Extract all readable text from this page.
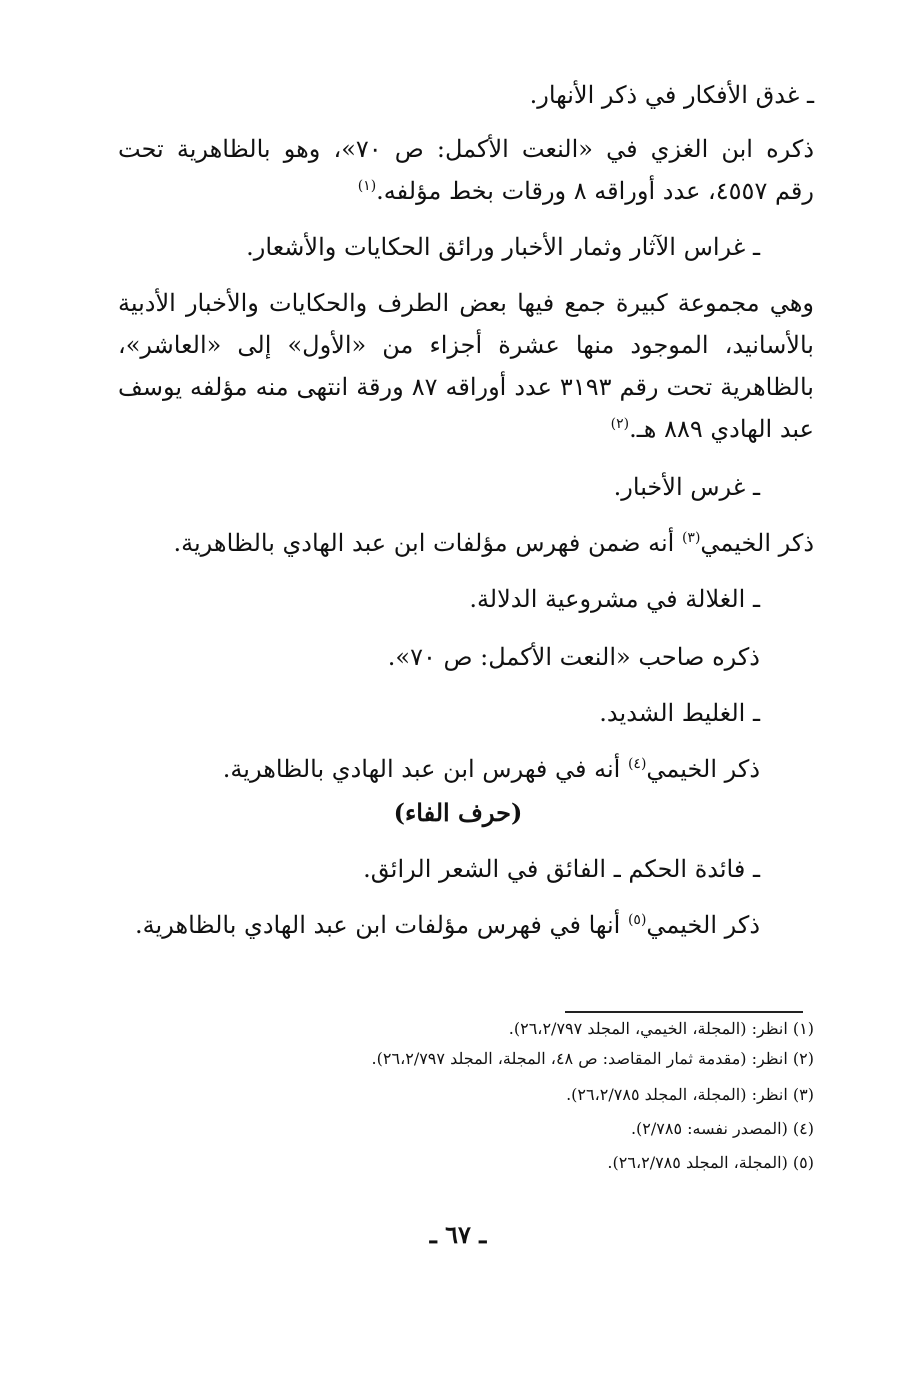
ـ غدق الأفكار في ذكر الأنهار.
ذكره ابن الغزي في «النعت الأكمل: ص ٧٠»، وهو بالظاهرية تحت
رقم ٤٥٥٧، عدد أوراقه ٨ ورقات بخط مؤلفه.$^{(١)}$
ـ غراس الآثار وثمار الأخبار ورائق الحكايات والأشعار.
وهي مجموعة كبيرة جمع فيها بعض الطرف والحكايات والأخبار الأدبية
بالأسانيد، الموجود منها عشرة أجزاء من «الأول» إلى «العاشر»،
بالظاهرية تحت رقم ٣١٩٣ عدد أوراقه ٨٧ ورقة انتهى منه مؤلفه يوسف
عبد الهادي ٨٨٩ هـ.$^{(٢)}$
ـ غرس الأخبار.
ذكر الخيمي$^{(٣)}$ أنه ضمن فهرس مؤلفات ابن عبد الهادي بالظاهرية.
ـ الغلالة في مشروعية الدلالة.
ذكره صاحب «النعت الأكمل: ص ٧٠».
ـ الغليط الشديد.
ذكر الخيمي$^{(٤)}$ أنه في فهرس ابن عبد الهادي بالظاهرية.
(حرف الفاء)
ـ فائدة الحكم ـ الفائق في الشعر الرائق.
ذكر الخيمي$^{(٥)}$ أنها في فهرس مؤلفات ابن عبد الهادي بالظاهرية.
(١) انظر: (المجلة، الخيمي، المجلد ٢٦،٢/٧٩٧).
(٢) انظر: (مقدمة ثمار المقاصد: ص ٤٨، المجلة، المجلد ٢٦،٢/٧٩٧).
(٣) انظر: (المجلة، المجلد ٢٦،٢/٧٨٥).
(٤) (المصدر نفسه: ٢/٧٨٥).
(٥) (المجلة، المجلد ٢٦،٢/٧٨٥).
ـ ٦٧ ـ
